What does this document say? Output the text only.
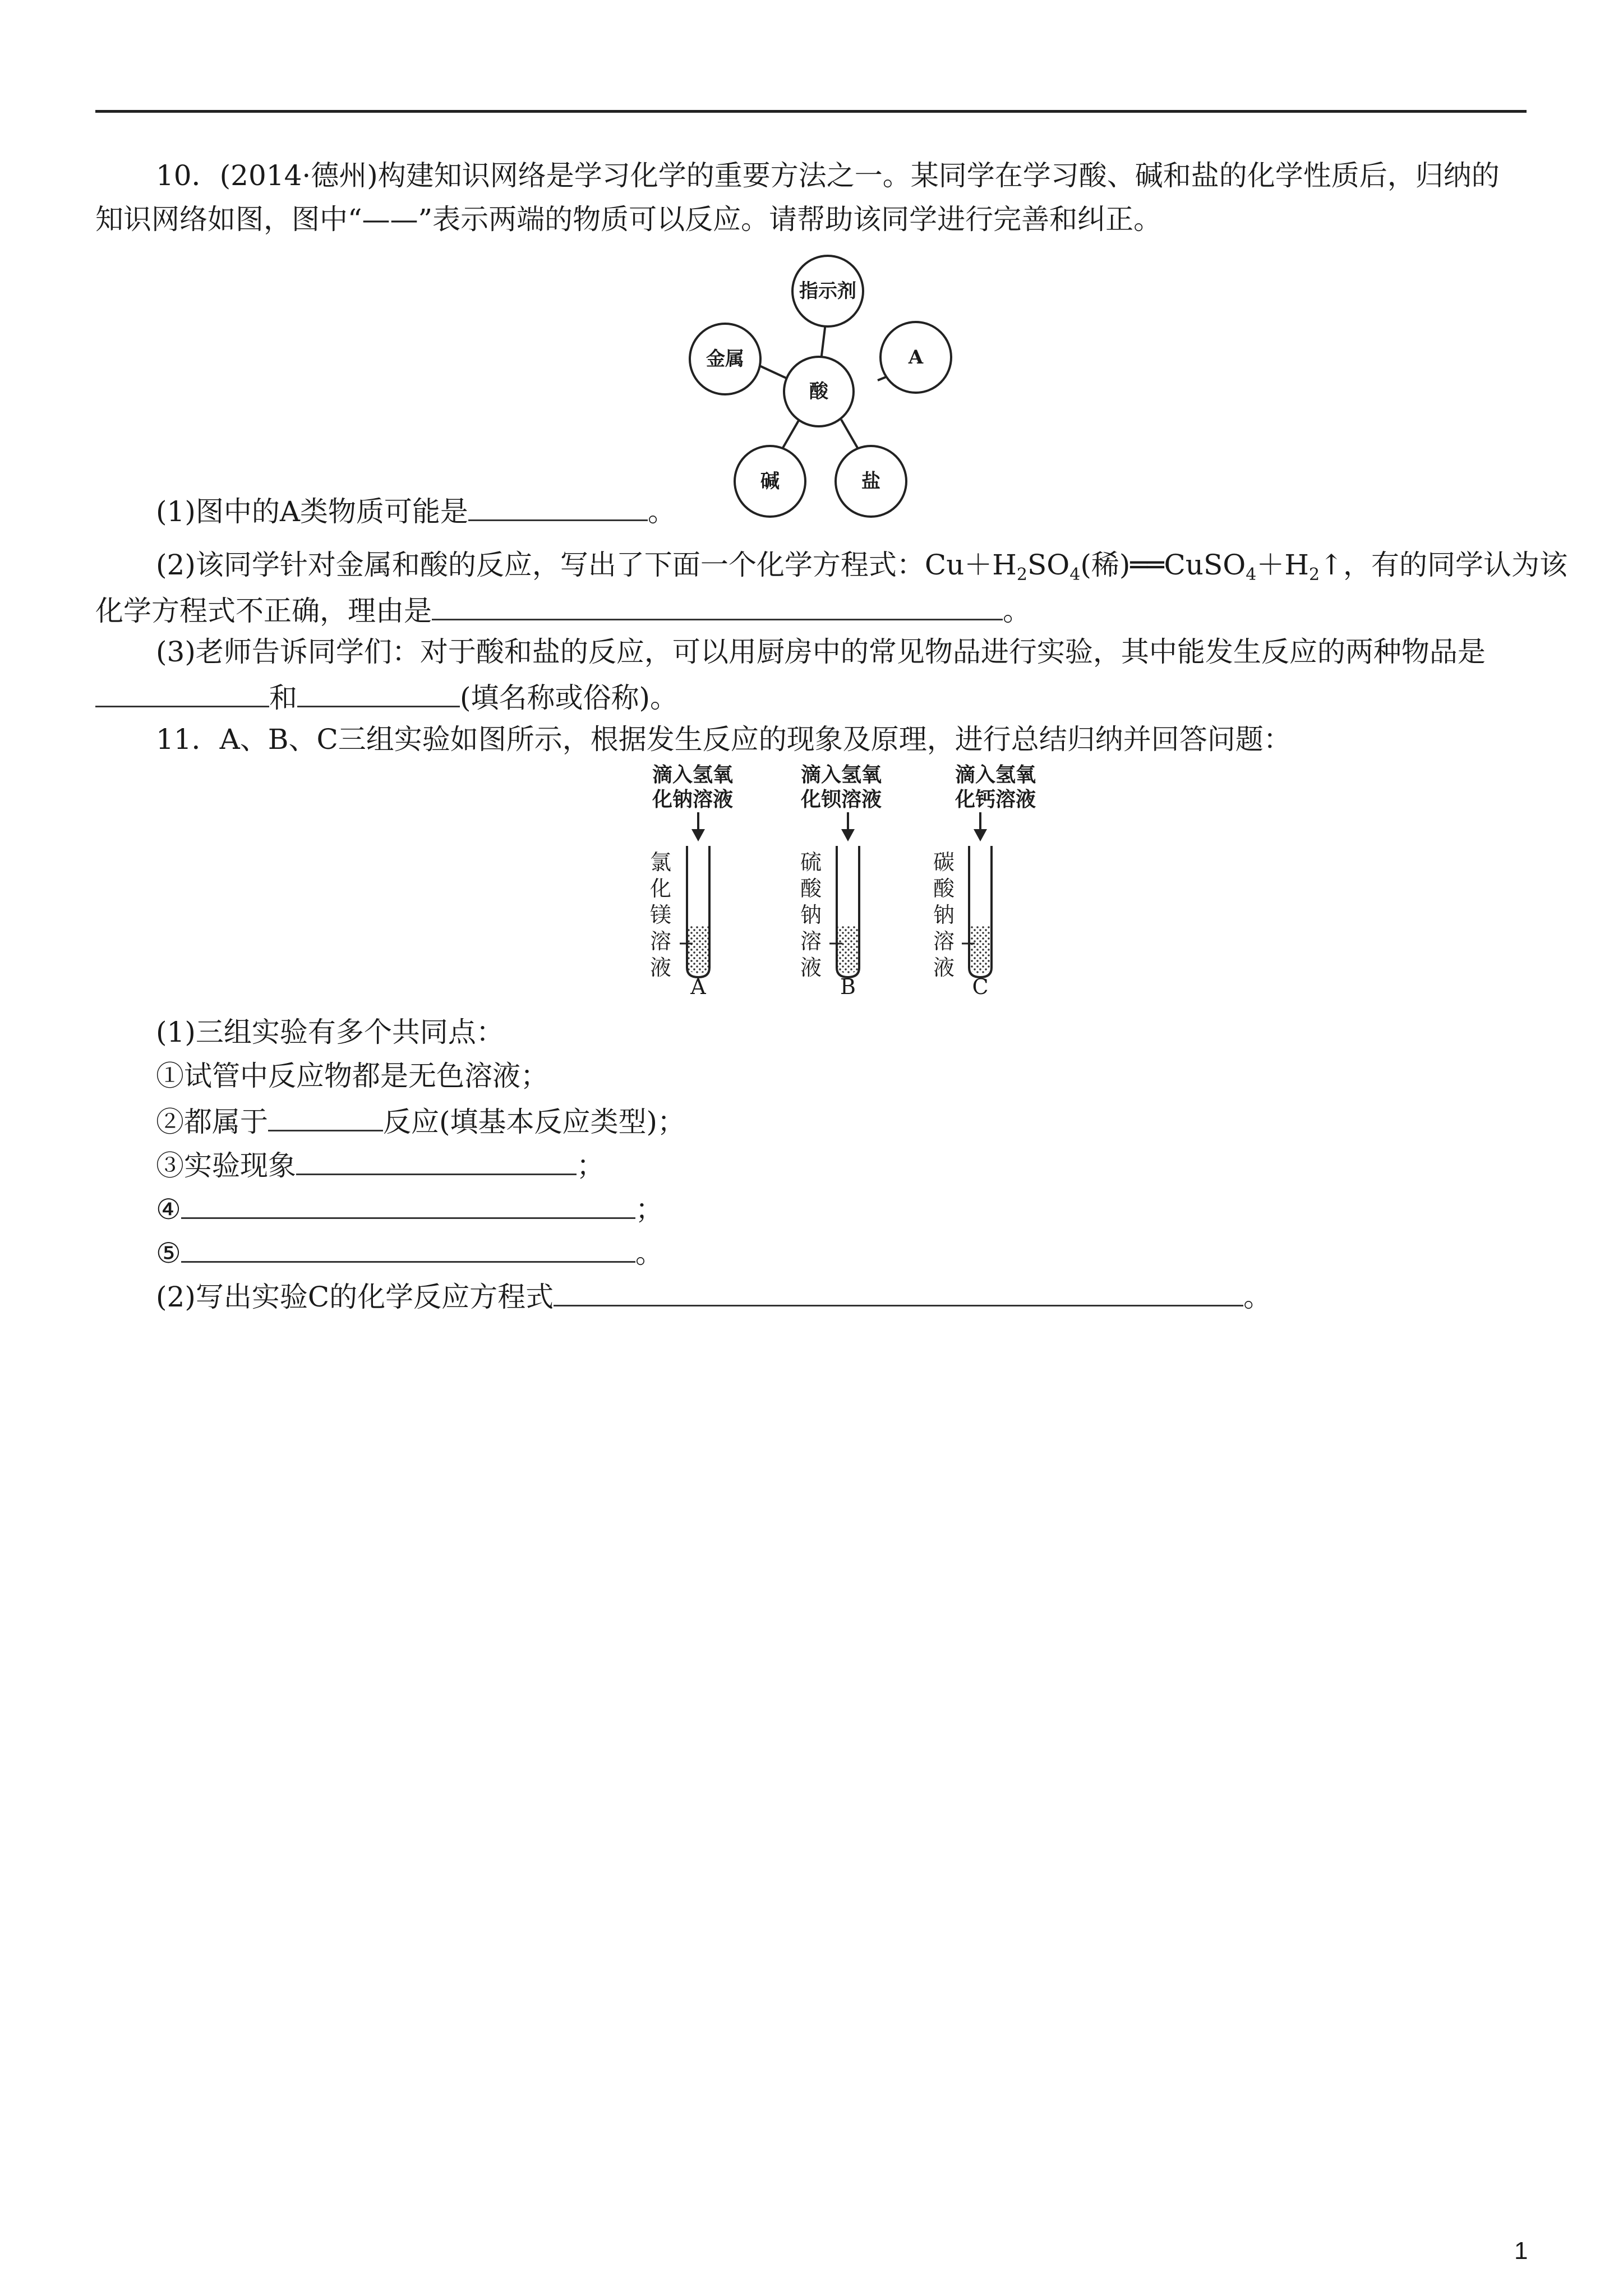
10．(2014·德州)构建知识网络是学习化学的重要方法之一。某同学在学习酸、碱和盐的化学性质后，归纳的
知识网络如图，图中“——”表示两端的物质可以反应。请帮助该同学进行完善和纠正。
指示剂
金属	A
酸
碱	盐
(1)图中的A类物质可能是	。
(2)该同学针对金属和酸的反应，写出了下面一个化学方程式：$Cu+H_2SO_4$(稀)$══CuSO_4+H_2↑$，有的同学认为该
化学方程式不正确，理由是	。
(3)老师告诉同学们：对于酸和盐的反应，可以用厨房中的常见物品进行实验，其中能发生反应的两种物品是
和	(填名称或俗称)。
11．A、B、C三组实验如图所示，根据发生反应的现象及原理，进行总结归纳并回答问题：
滴入氢氧
化钠溶液
氯
化
镁
溶
液
A
滴入氢氧
化钡溶液
硫
酸
钠
溶
液
B
滴入氢氧
化钙溶液
碳
酸
钠
溶
液
C
(1)三组实验有多个共同点：
①试管中反应物都是无色溶液；
②都属于	反应(填基本反应类型)；
③实验现象	；
④	；
⑤	。
(2)写出实验C的化学反应方程式	。
1
